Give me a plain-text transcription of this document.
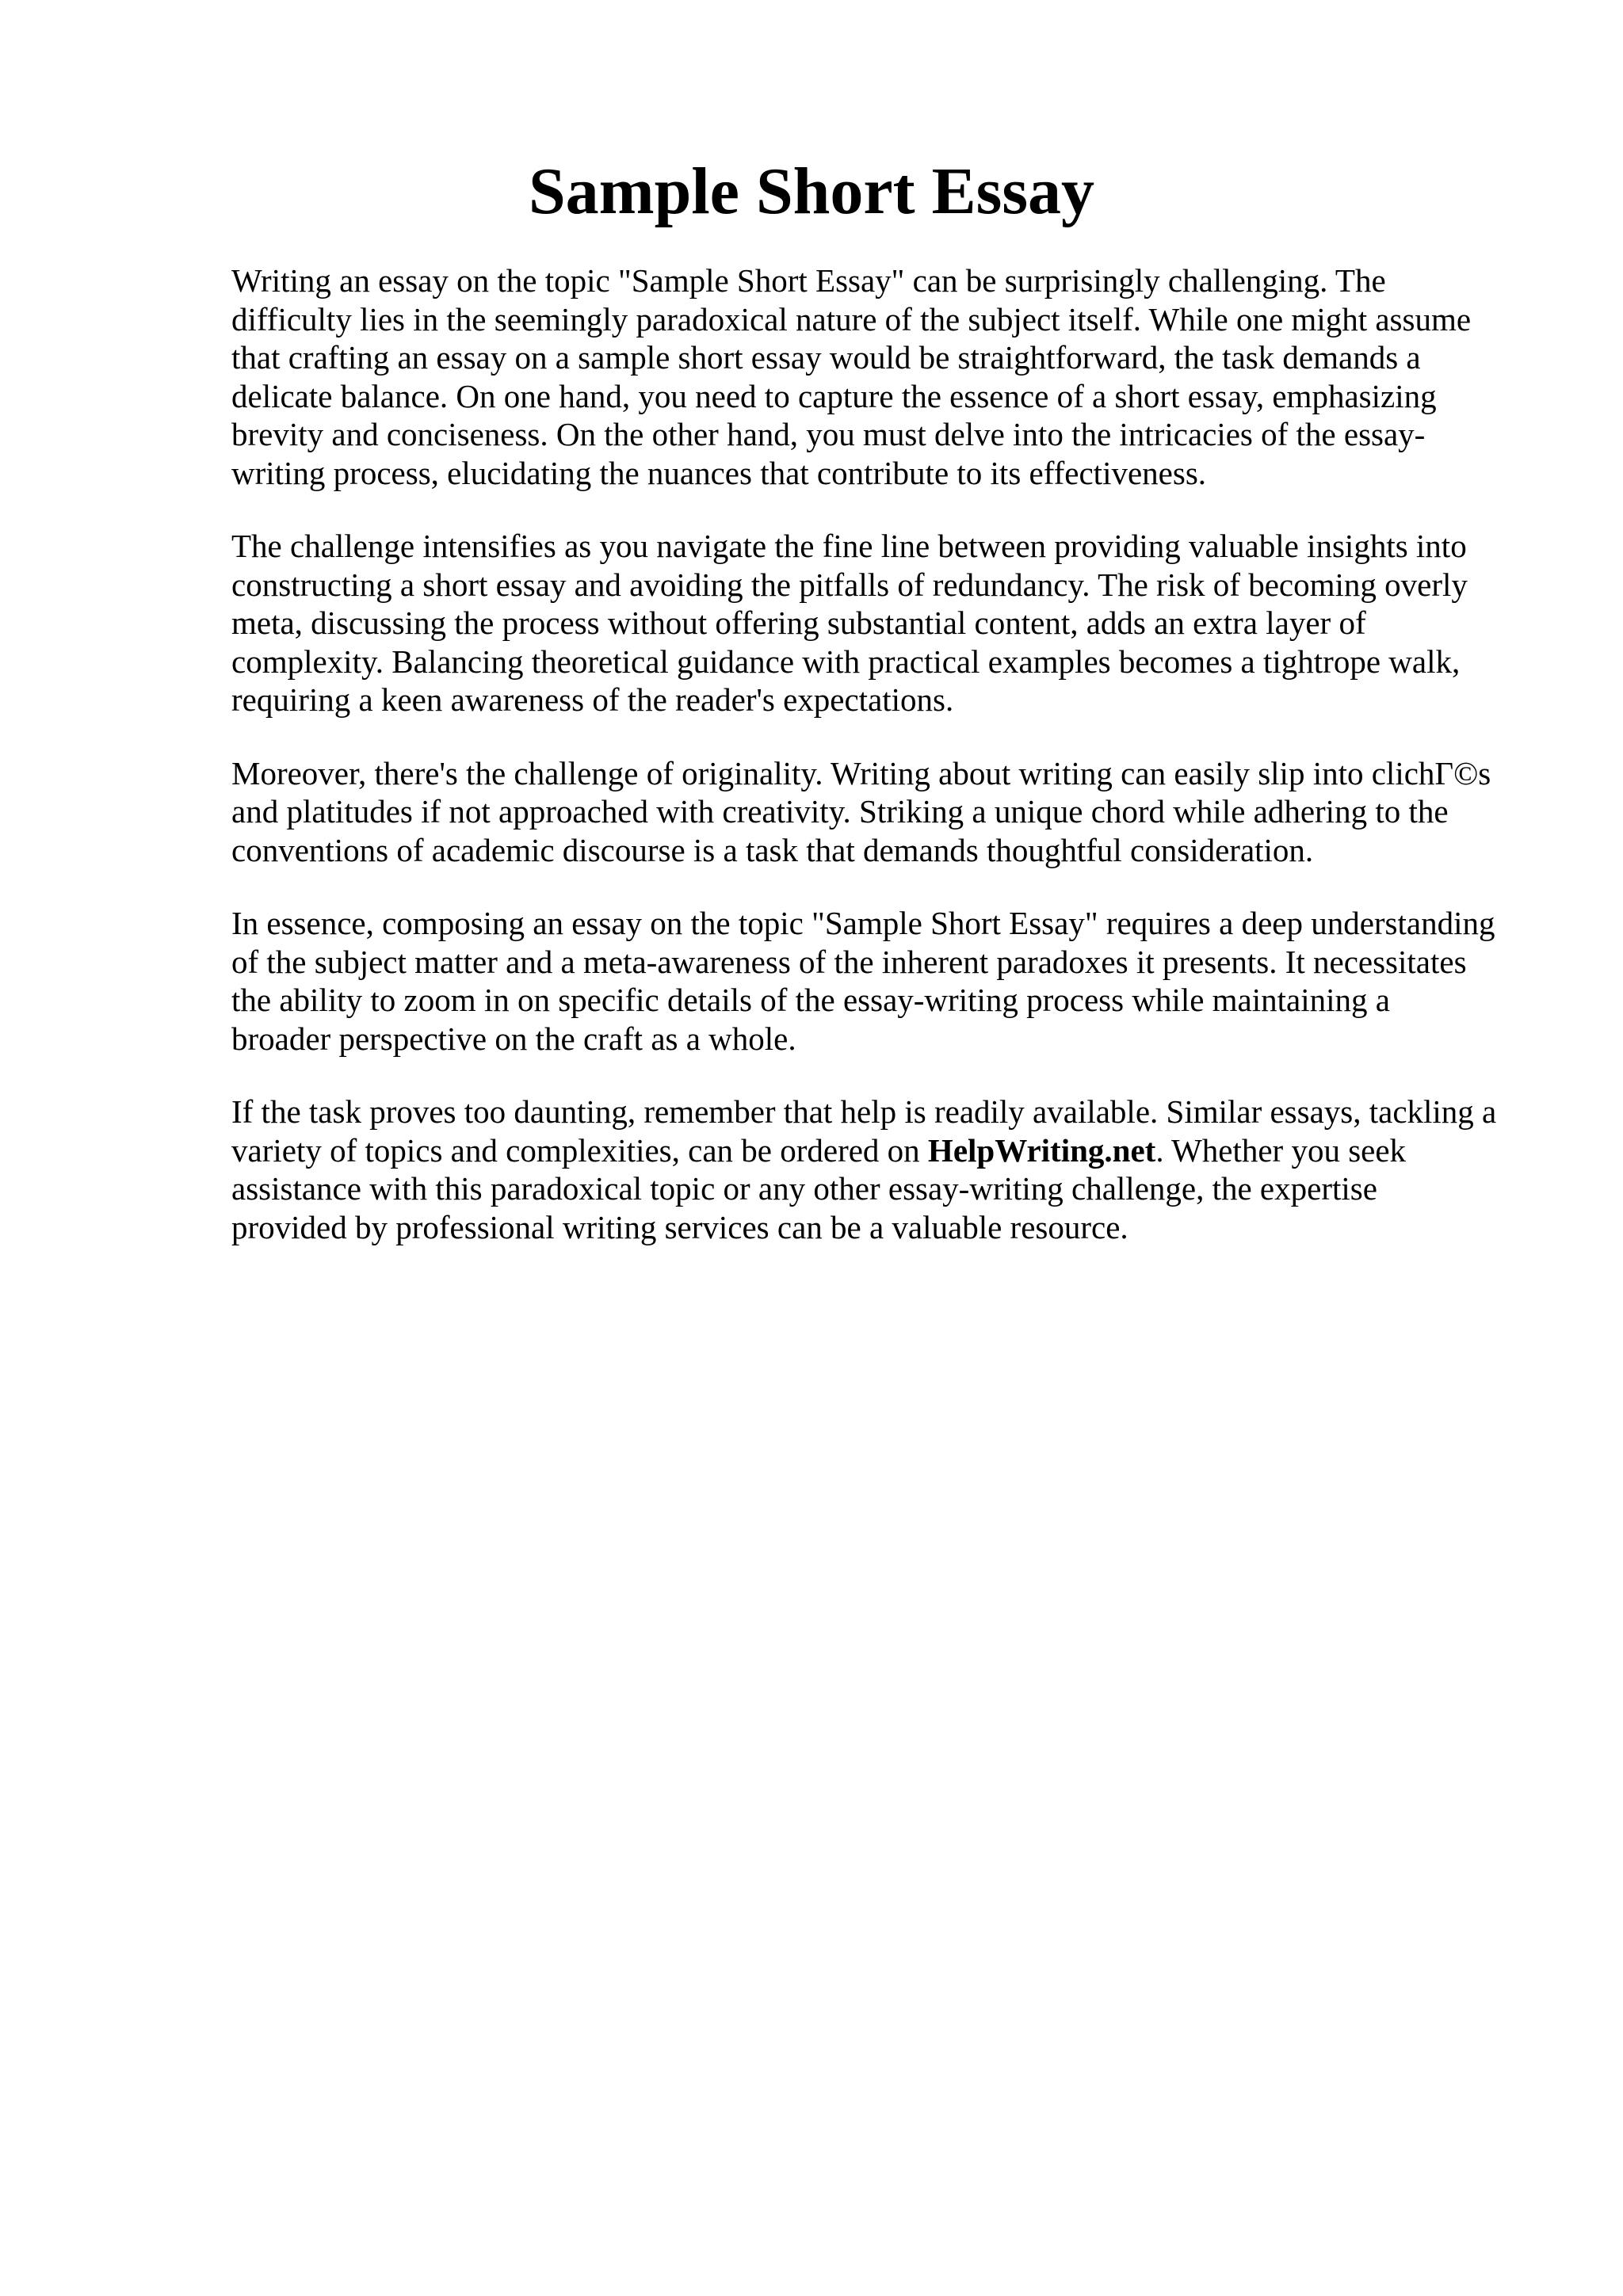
Sample Short Essay

Writing an essay on the topic "Sample Short Essay" can be surprisingly challenging. The
difficulty lies in the seemingly paradoxical nature of the subject itself. While one might assume
that crafting an essay on a sample short essay would be straightforward, the task demands a
delicate balance. On one hand, you need to capture the essence of a short essay, emphasizing
brevity and conciseness. On the other hand, you must delve into the intricacies of the essay-
writing process, elucidating the nuances that contribute to its effectiveness.

The challenge intensifies as you navigate the fine line between providing valuable insights into
constructing a short essay and avoiding the pitfalls of redundancy. The risk of becoming overly
meta, discussing the process without offering substantial content, adds an extra layer of
complexity. Balancing theoretical guidance with practical examples becomes a tightrope walk,
requiring a keen awareness of the reader's expectations.

Moreover, there's the challenge of originality. Writing about writing can easily slip into clichΓ©s
and platitudes if not approached with creativity. Striking a unique chord while adhering to the
conventions of academic discourse is a task that demands thoughtful consideration.

In essence, composing an essay on the topic "Sample Short Essay" requires a deep understanding
of the subject matter and a meta-awareness of the inherent paradoxes it presents. It necessitates
the ability to zoom in on specific details of the essay-writing process while maintaining a
broader perspective on the craft as a whole.

If the task proves too daunting, remember that help is readily available. Similar essays, tackling a
variety of topics and complexities, can be ordered on HelpWriting.net. Whether you seek
assistance with this paradoxical topic or any other essay-writing challenge, the expertise
provided by professional writing services can be a valuable resource.
